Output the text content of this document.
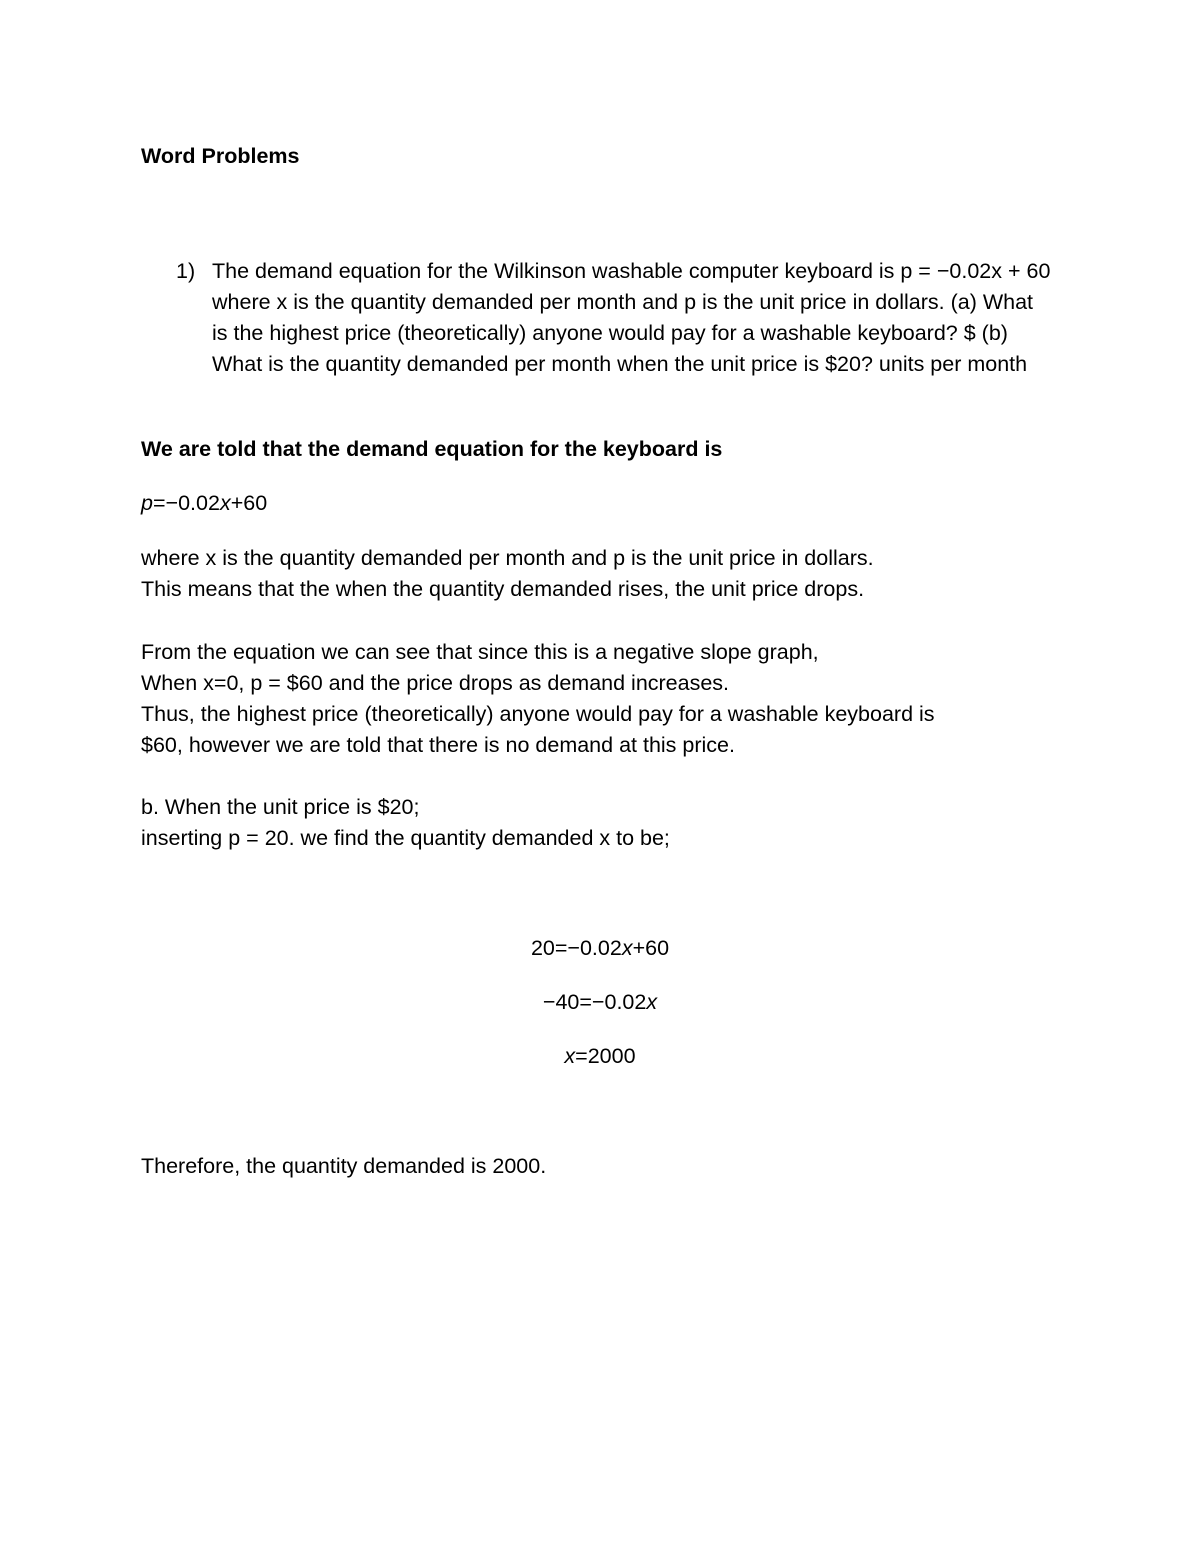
Word Problems
1) The demand equation for the Wilkinson washable computer keyboard is p = −0.02x + 60 where x is the quantity demanded per month and p is the unit price in dollars. (a) What is the highest price (theoretically) anyone would pay for a washable keyboard? $ (b) What is the quantity demanded per month when the unit price is $20? units per month
We are told that the demand equation for the keyboard is
p=−0.02x+60
where x is the quantity demanded per month and p is the unit price in dollars.
This means that the when the quantity demanded rises, the unit price drops.
From the equation we can see that since this is a negative slope graph,
When x=0, p = $60 and the price drops as demand increases.
Thus, the highest price (theoretically) anyone would pay for a washable keyboard is
$60, however we are told that there is no demand at this price.
b. When the unit price is $20;
inserting p = 20. we find the quantity demanded x to be;
20=−0.02x+60
−40=−0.02x
x=2000
Therefore, the quantity demanded is 2000.
